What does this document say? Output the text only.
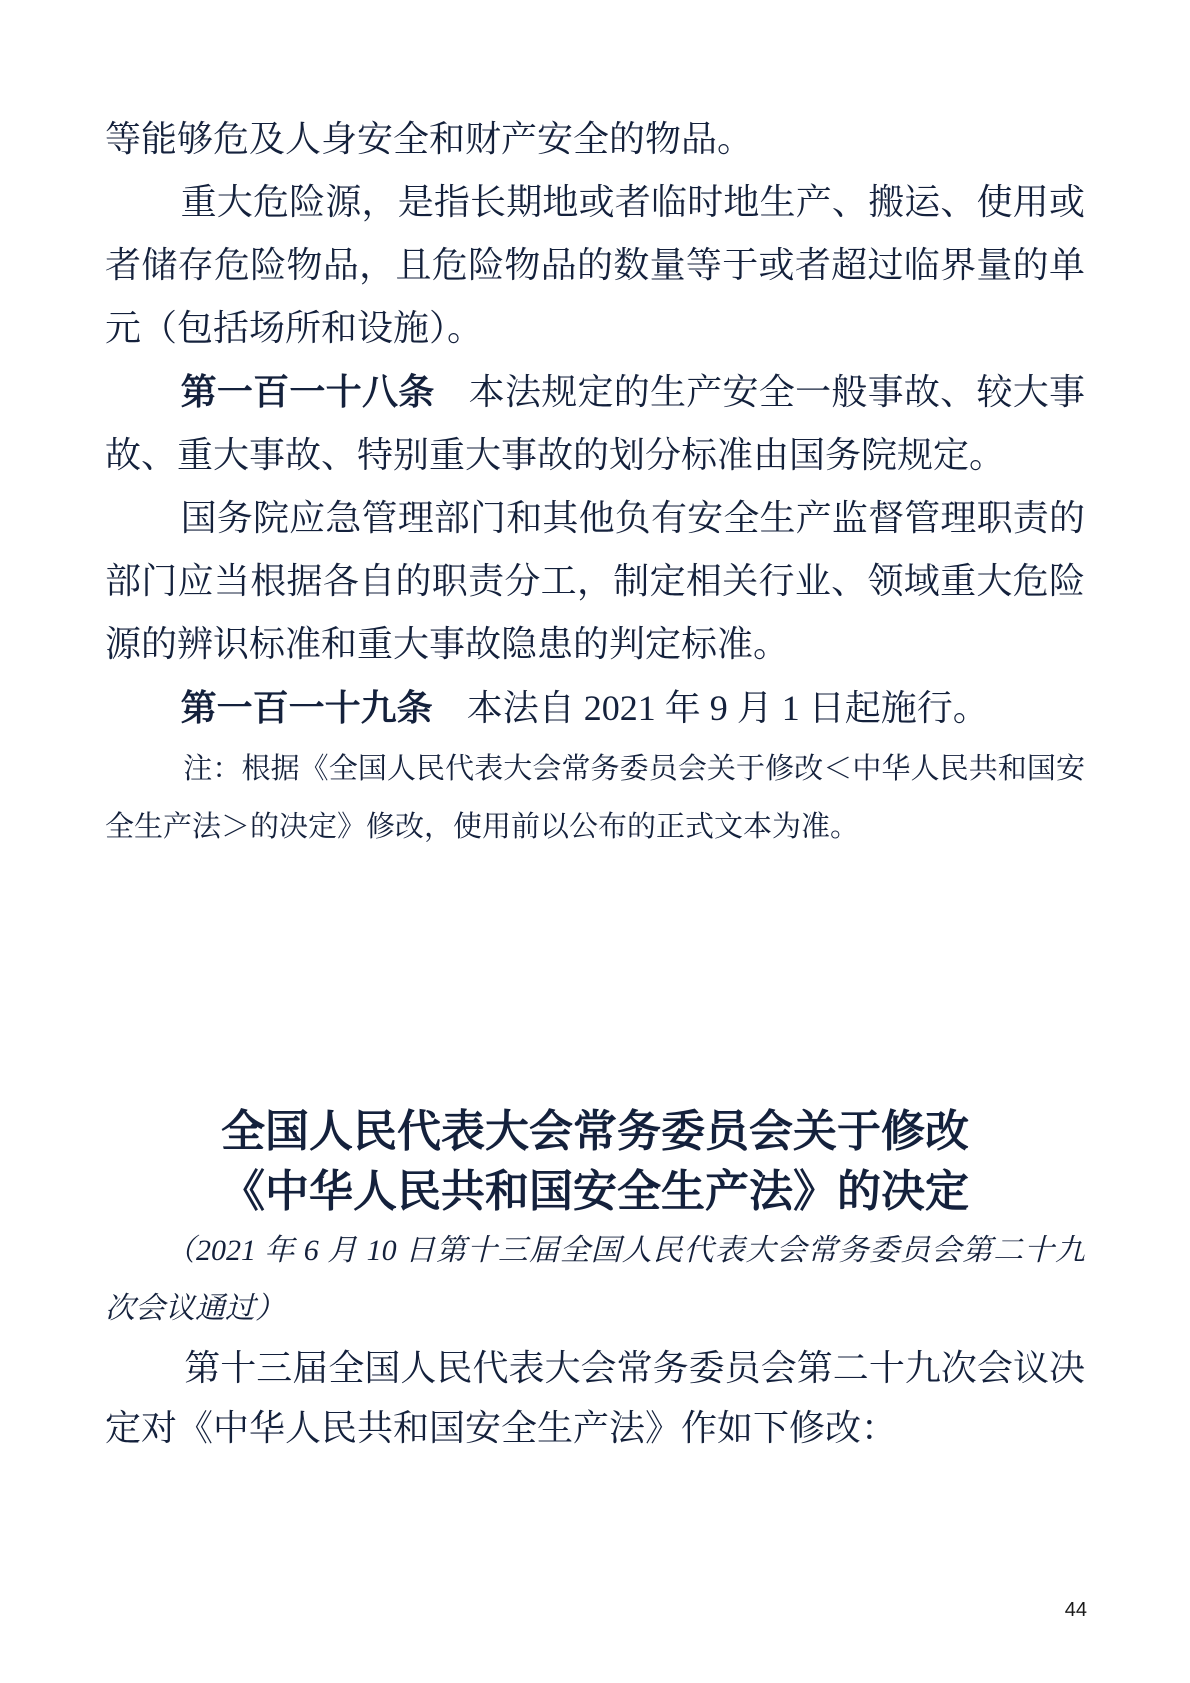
等能够危及人身安全和财产安全的物品。

重大危险源，是指长期地或者临时地生产、搬运、使用或者储存危险物品，且危险物品的数量等于或者超过临界量的单元（包括场所和设施）。

第一百一十八条 本法规定的生产安全一般事故、较大事故、重大事故、特别重大事故的划分标准由国务院规定。

国务院应急管理部门和其他负有安全生产监督管理职责的部门应当根据各自的职责分工，制定相关行业、领域重大危险源的辨识标准和重大事故隐患的判定标准。

第一百一十九条 本法自 2021 年 9 月 1 日起施行。

注：根据《全国人民代表大会常务委员会关于修改＜中华人民共和国安全生产法＞的决定》修改，使用前以公布的正式文本为准。

全国人民代表大会常务委员会关于修改
《中华人民共和国安全生产法》的决定

（2021 年 6 月 10 日第十三届全国人民代表大会常务委员会第二十九次会议通过）

第十三届全国人民代表大会常务委员会第二十九次会议决定对《中华人民共和国安全生产法》作如下修改：

44
